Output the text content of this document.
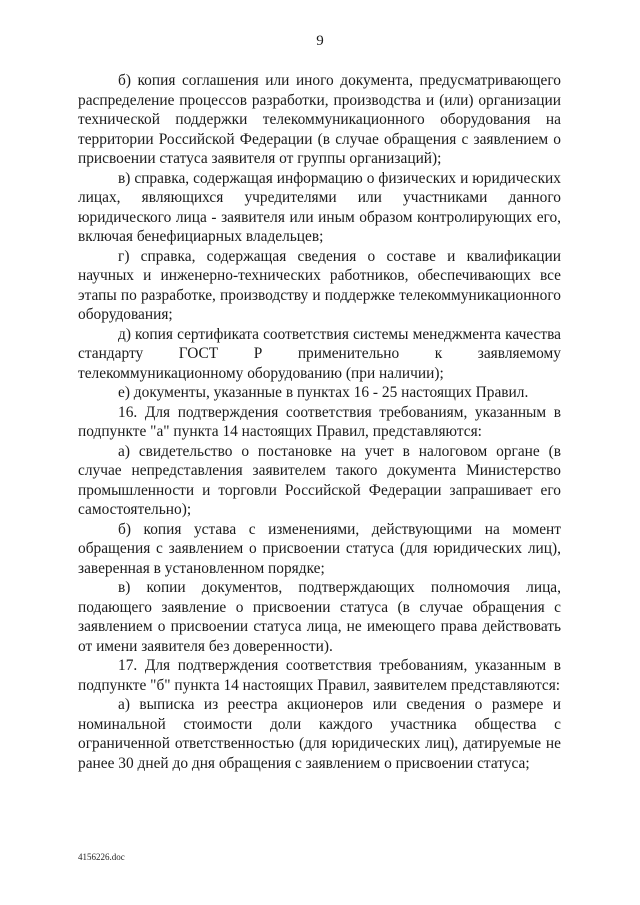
9

б) копия соглашения или иного документа, предусматривающего распределение процессов разработки, производства и (или) организации технической поддержки телекоммуникационного оборудования на территории Российской Федерации (в случае обращения с заявлением о присвоении статуса заявителя от группы организаций);

в) справка, содержащая информацию о физических и юридических лицах, являющихся учредителями или участниками данного юридического лица - заявителя или иным образом контролирующих его, включая бенефициарных владельцев;

г) справка, содержащая сведения о составе и квалификации научных и инженерно-технических работников, обеспечивающих все этапы по разработке, производству и поддержке телекоммуникационного оборудования;

д) копия сертификата соответствия системы менеджмента качества стандарту ГОСТ Р применительно к заявляемому телекоммуникационному оборудованию (при наличии);

е) документы, указанные в пунктах 16 - 25 настоящих Правил.

16. Для подтверждения соответствия требованиям, указанным в подпункте "а" пункта 14 настоящих Правил, представляются:

а) свидетельство о постановке на учет в налоговом органе (в случае непредставления заявителем такого документа Министерство промышленности и торговли Российской Федерации запрашивает его самостоятельно);

б) копия устава с изменениями, действующими на момент обращения с заявлением о присвоении статуса (для юридических лиц), заверенная в установленном порядке;

в) копии документов, подтверждающих полномочия лица, подающего заявление о присвоении статуса (в случае обращения с заявлением о присвоении статуса лица, не имеющего права действовать от имени заявителя без доверенности).

17. Для подтверждения соответствия требованиям, указанным в подпункте "б" пункта 14 настоящих Правил, заявителем представляются:

а) выписка из реестра акционеров или сведения о размере и номинальной стоимости доли каждого участника общества с ограниченной ответственностью (для юридических лиц), датируемые не ранее 30 дней до дня обращения с заявлением о присвоении статуса;

4156226.doc
